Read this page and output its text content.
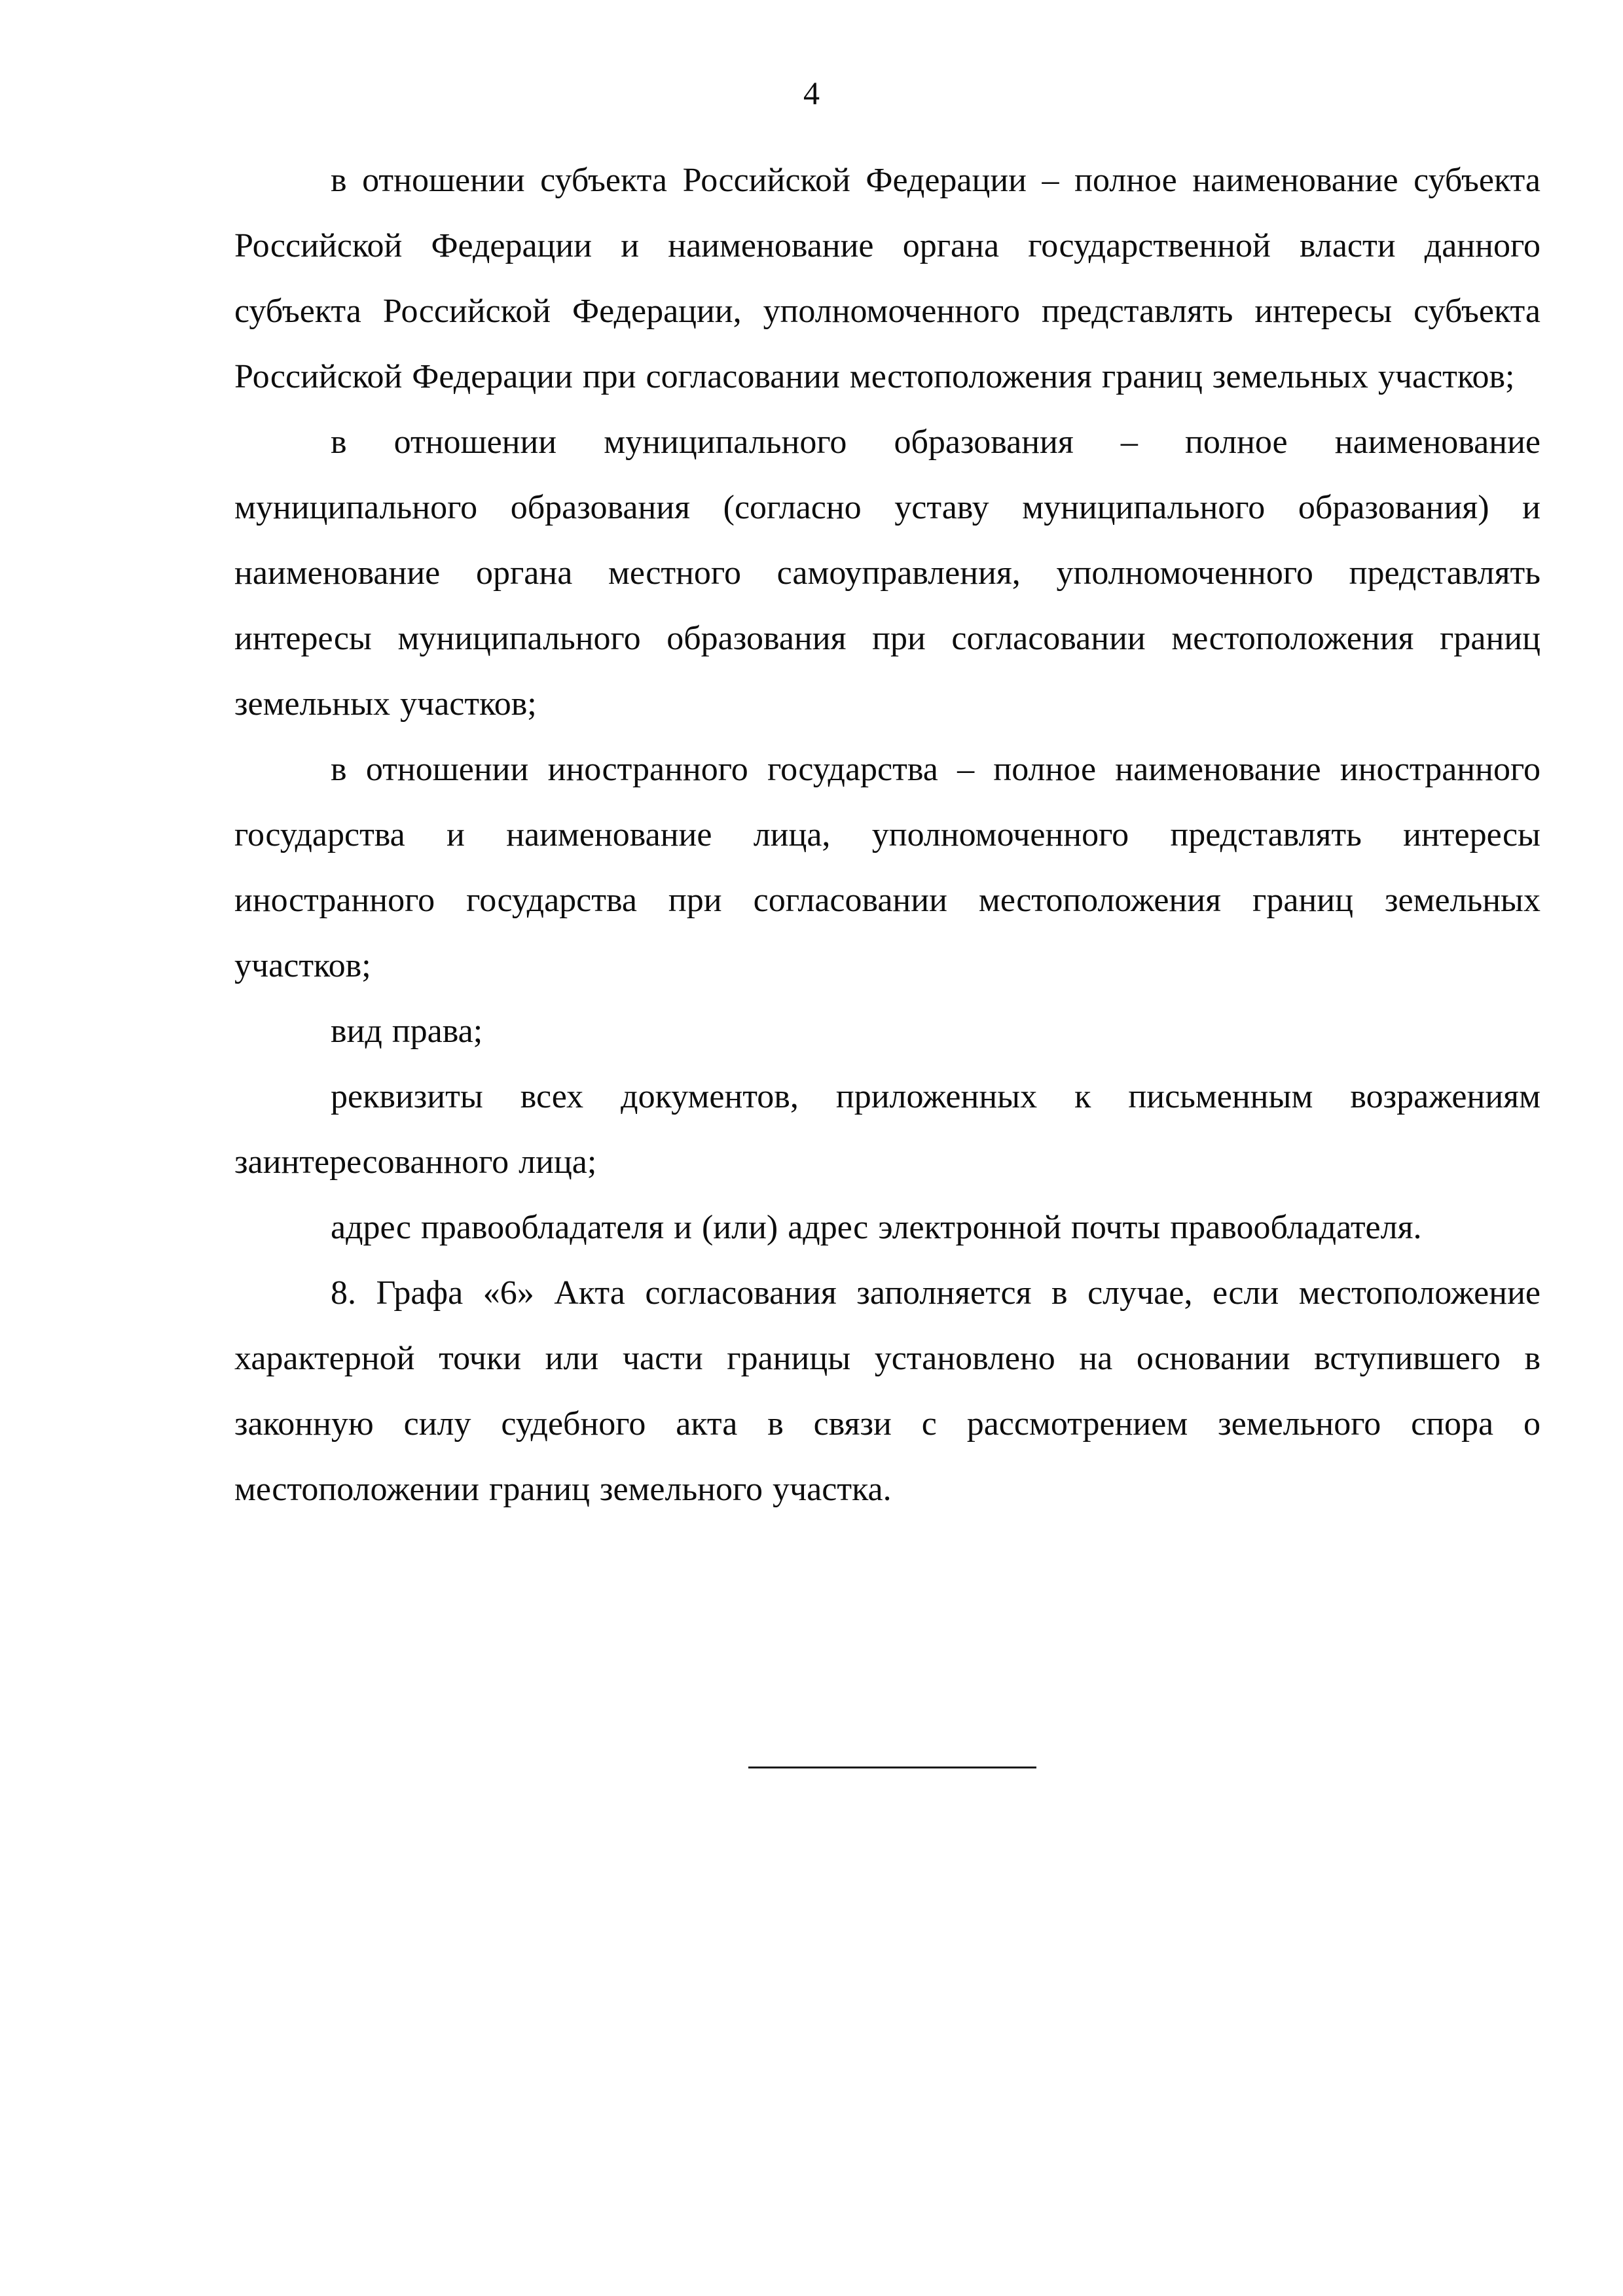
4

в отношении субъекта Российской Федерации – полное наименование субъекта Российской Федерации и наименование органа государственной власти данного субъекта Российской Федерации, уполномоченного представлять интересы субъекта Российской Федерации при согласовании местоположения границ земельных участков;

в отношении муниципального образования – полное наименование муниципального образования (согласно уставу муниципального образования) и наименование органа местного самоуправления, уполномоченного представлять интересы муниципального образования при согласовании местоположения границ земельных участков;

в отношении иностранного государства – полное наименование иностранного государства и наименование лица, уполномоченного представлять интересы иностранного государства при согласовании местоположения границ земельных участков;

вид права;

реквизиты всех документов, приложенных к письменным возражениям заинтересованного лица;

адрес правообладателя и (или) адрес электронной почты правообладателя.

8. Графа «6» Акта согласования заполняется в случае, если местоположение характерной точки или части границы установлено на основании вступившего в законную силу судебного акта в связи с рассмотрением земельного спора о местоположении границ земельного участка.
